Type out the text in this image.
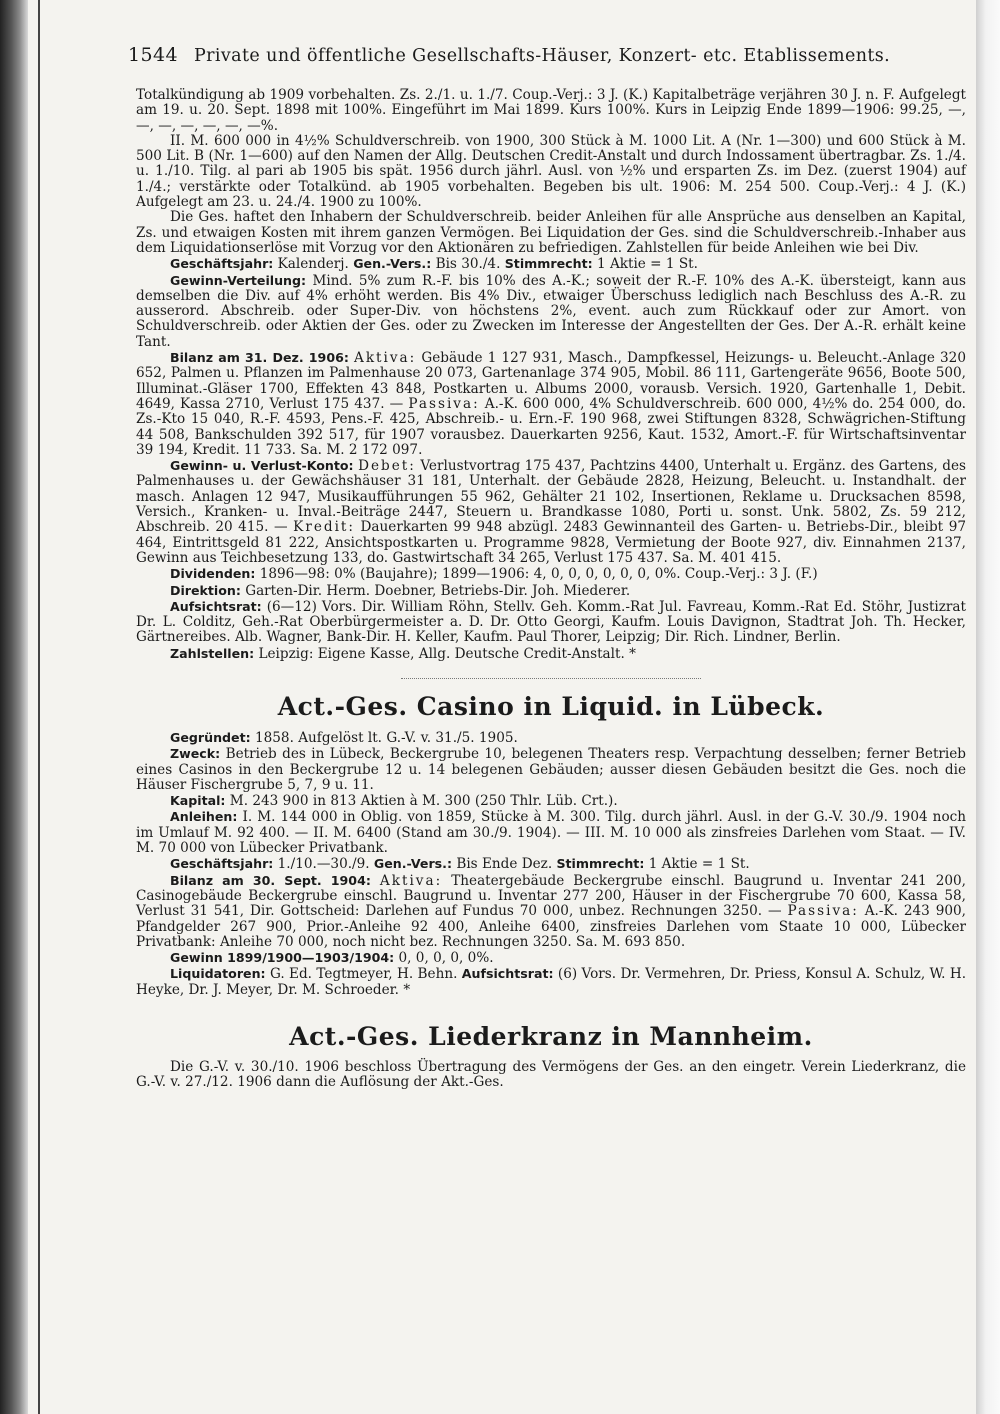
1544 Private und öffentliche Gesellschafts-Häuser, Konzert- etc. Etablissements.

Totalkündigung ab 1909 vorbehalten. Zs. 2./1. u. 1./7. Coup.-Verj.: 3 J. (K.) Kapitalbeträge verjähren 30 J. n. F. Aufgelegt am 19. u. 20. Sept. 1898 mit 100%. Eingeführt im Mai 1899. Kurs 100%. Kurs in Leipzig Ende 1899—1906: 99.25, —, —, —, —, —, —, —%.

II. M. 600 000 in 4½% Schuldverschreib. von 1900, 300 Stück à M. 1000 Lit. A (Nr. 1—300) und 600 Stück à M. 500 Lit. B (Nr. 1—600) auf den Namen der Allg. Deutschen Credit-Anstalt und durch Indossament übertragbar. Zs. 1./4. u. 1./10. Tilg. al pari ab 1905 bis spät. 1956 durch jährl. Ausl. von ½% und ersparten Zs. im Dez. (zuerst 1904) auf 1./4.; verstärkte oder Totalkünd. ab 1905 vorbehalten. Begeben bis ult. 1906: M. 254 500. Coup.-Verj.: 4 J. (K.) Aufgelegt am 23. u. 24./4. 1900 zu 100%.

Die Ges. haftet den Inhabern der Schuldverschreib. beider Anleihen für alle Ansprüche aus denselben an Kapital, Zs. und etwaigen Kosten mit ihrem ganzen Vermögen. Bei Liquidation der Ges. sind die Schuldverschreib.-Inhaber aus dem Liquidationserlöse mit Vorzug vor den Aktionären zu befriedigen. Zahlstellen für beide Anleihen wie bei Div.

Geschäftsjahr: Kalenderj. Gen.-Vers.: Bis 30./4. Stimmrecht: 1 Aktie = 1 St.

Gewinn-Verteilung: Mind. 5% zum R.-F. bis 10% des A.-K.; soweit der R.-F. 10% des A.-K. übersteigt, kann aus demselben die Div. auf 4% erhöht werden. Bis 4% Div., etwaiger Überschuss lediglich nach Beschluss des A.-R. zu ausserord. Abschreib. oder Super-Div. von höchstens 2%, event. auch zum Rückkauf oder zur Amort. von Schuldverschreib. oder Aktien der Ges. oder zu Zwecken im Interesse der Angestellten der Ges. Der A.-R. erhält keine Tant.

Bilanz am 31. Dez. 1906: Aktiva: Gebäude 1 127 931, Masch., Dampfkessel, Heizungs- u. Beleucht.-Anlage 320 652, Palmen u. Pflanzen im Palmenhause 20 073, Gartenanlage 374 905, Mobil. 86 111, Gartengeräte 9656, Boote 500, Illuminat.-Gläser 1700, Effekten 43 848, Postkarten u. Albums 2000, vorausb. Versich. 1920, Gartenhalle 1, Debit. 4649, Kassa 2710, Verlust 175 437. — Passiva: A.-K. 600 000, 4% Schuldverschreib. 600 000, 4½% do. 254 000, do. Zs.-Kto 15 040, R.-F. 4593, Pens.-F. 425, Abschreib.- u. Ern.-F. 190 968, zwei Stiftungen 8328, Schwägrichen-Stiftung 44 508, Bankschulden 392 517, für 1907 vorausbez. Dauerkarten 9256, Kaut. 1532, Amort.-F. für Wirtschaftsinventar 39 194, Kredit. 11 733. Sa. M. 2 172 097.

Gewinn- u. Verlust-Konto: Debet: Verlustvortrag 175 437, Pachtzins 4400, Unterhalt u. Ergänz. des Gartens, des Palmenhauses u. der Gewächshäuser 31 181, Unterhalt. der Gebäude 2828, Heizung, Beleucht. u. Instandhalt. der masch. Anlagen 12 947, Musikaufführungen 55 962, Gehälter 21 102, Insertionen, Reklame u. Drucksachen 8598, Versich., Kranken- u. Inval.-Beiträge 2447, Steuern u. Brandkasse 1080, Porti u. sonst. Unk. 5802, Zs. 59 212, Abschreib. 20 415. — Kredit: Dauerkarten 99 948 abzügl. 2483 Gewinnanteil des Garten- u. Betriebs-Dir., bleibt 97 464, Eintrittsgeld 81 222, Ansichtspostkarten u. Programme 9828, Vermietung der Boote 927, div. Einnahmen 2137, Gewinn aus Teichbesetzung 133, do. Gastwirtschaft 34 265, Verlust 175 437. Sa. M. 401 415.

Dividenden: 1896—98: 0% (Baujahre); 1899—1906: 4, 0, 0, 0, 0, 0, 0, 0%. Coup.-Verj.: 3 J. (F.)

Direktion: Garten-Dir. Herm. Doebner, Betriebs-Dir. Joh. Miederer.

Aufsichtsrat: (6—12) Vors. Dir. William Röhn, Stellv. Geh. Komm.-Rat Jul. Favreau, Komm.-Rat Ed. Stöhr, Justizrat Dr. L. Colditz, Geh.-Rat Oberbürgermeister a. D. Dr. Otto Georgi, Kaufm. Louis Davignon, Stadtrat Joh. Th. Hecker, Gärtnereibes. Alb. Wagner, Bank-Dir. H. Keller, Kaufm. Paul Thorer, Leipzig; Dir. Rich. Lindner, Berlin.

Zahlstellen: Leipzig: Eigene Kasse, Allg. Deutsche Credit-Anstalt. *

Act.-Ges. Casino in Liquid. in Lübeck.

Gegründet: 1858. Aufgelöst lt. G.-V. v. 31./5. 1905.

Zweck: Betrieb des in Lübeck, Beckergrube 10, belegenen Theaters resp. Verpachtung desselben; ferner Betrieb eines Casinos in den Beckergrube 12 u. 14 belegenen Gebäuden; ausser diesen Gebäuden besitzt die Ges. noch die Häuser Fischergrube 5, 7, 9 u. 11.

Kapital: M. 243 900 in 813 Aktien à M. 300 (250 Thlr. Lüb. Crt.).

Anleihen: I. M. 144 000 in Oblig. von 1859, Stücke à M. 300. Tilg. durch jährl. Ausl. in der G.-V. 30./9. 1904 noch im Umlauf M. 92 400. — II. M. 6400 (Stand am 30./9. 1904). — III. M. 10 000 als zinsfreies Darlehen vom Staat. — IV. M. 70 000 von Lübecker Privatbank.

Geschäftsjahr: 1./10.—30./9. Gen.-Vers.: Bis Ende Dez. Stimmrecht: 1 Aktie = 1 St.

Bilanz am 30. Sept. 1904: Aktiva: Theatergebäude Beckergrube einschl. Baugrund u. Inventar 241 200, Casinogebäude Beckergrube einschl. Baugrund u. Inventar 277 200, Häuser in der Fischergrube 70 600, Kassa 58, Verlust 31 541, Dir. Gottscheid: Darlehen auf Fundus 70 000, unbez. Rechnungen 3250. — Passiva: A.-K. 243 900, Pfandgelder 267 900, Prior.-Anleihe 92 400, Anleihe 6400, zinsfreies Darlehen vom Staate 10 000, Lübecker Privatbank: Anleihe 70 000, noch nicht bez. Rechnungen 3250. Sa. M. 693 850.

Gewinn 1899/1900—1903/1904: 0, 0, 0, 0, 0%.

Liquidatoren: G. Ed. Tegtmeyer, H. Behn. Aufsichtsrat: (6) Vors. Dr. Vermehren, Dr. Priess, Konsul A. Schulz, W. H. Heyke, Dr. J. Meyer, Dr. M. Schroeder. *

Act.-Ges. Liederkranz in Mannheim.

Die G.-V. v. 30./10. 1906 beschloss Übertragung des Vermögens der Ges. an den eingetr. Verein Liederkranz, die G.-V. v. 27./12. 1906 dann die Auflösung der Akt.-Ges.
